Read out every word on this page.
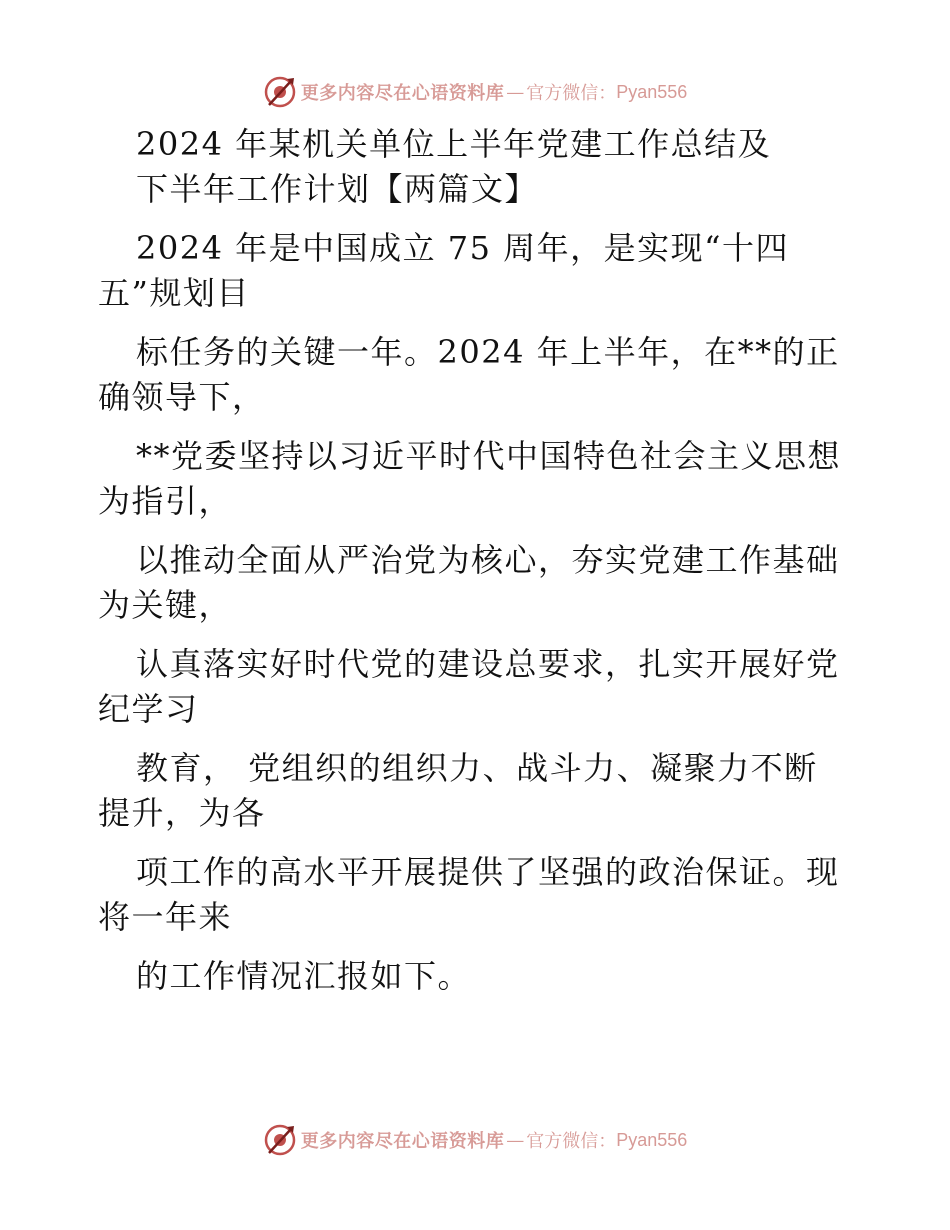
更多内容尽在心语资料库 — 官方微信： Pyan556
2024 年某机关单位上半年党建工作总结及
下半年工作计划【两篇文】
2024 年是中国成立 75 周年，是实现“十四
五”规划目
标任务的关键一年。2024 年上半年，在**的正
确领导下，
**党委坚持以习近平时代中国特色社会主义思想
为指引，
以推动全面从严治党为核心，夯实党建工作基础
为关键，
认真落实好时代党的建设总要求，扎实开展好党
纪学习
教育， 党组织的组织力、战斗力、凝聚力不断
提升，为各
项工作的高水平开展提供了坚强的政治保证。现
将一年来
的工作情况汇报如下。
更多内容尽在心语资料库 — 官方微信： Pyan556
